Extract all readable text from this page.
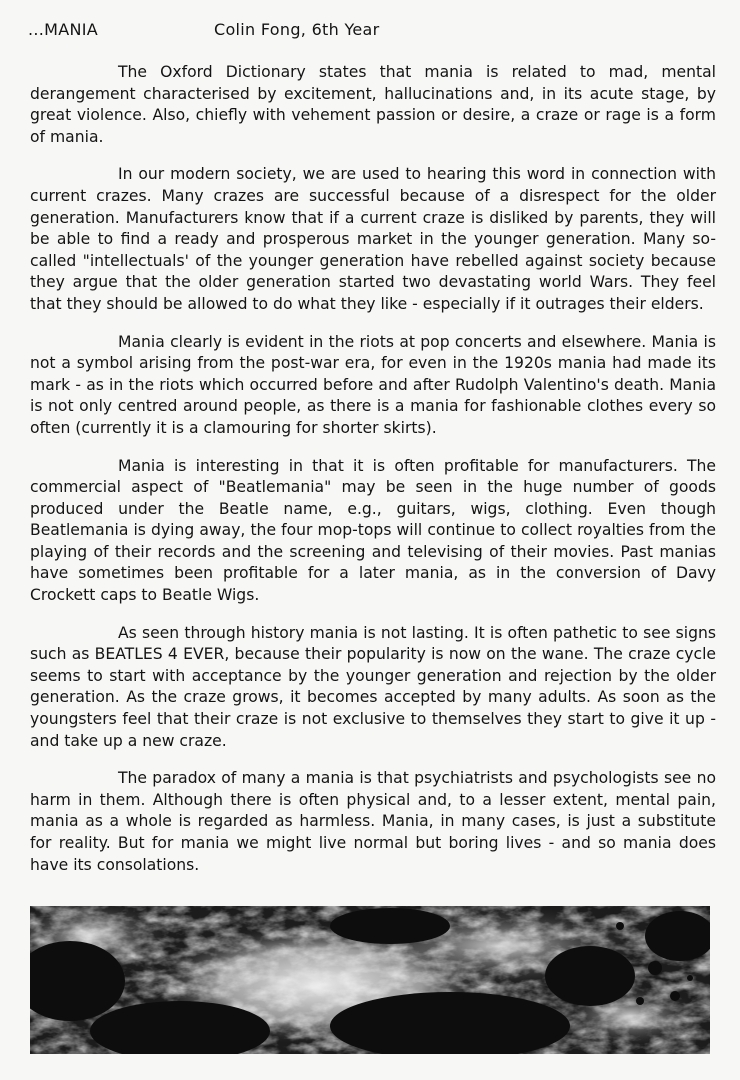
...MANIA	Colin Fong, 6th Year

The Oxford Dictionary states that mania is related to mad, mental derangement characterised by excitement, hallucinations and, in its acute stage, by great violence. Also, chiefly with vehement passion or desire, a craze or rage is a form of mania.

In our modern society, we are used to hearing this word in connection with current crazes. Many crazes are successful because of a disrespect for the older generation. Manufacturers know that if a current craze is disliked by parents, they will be able to find a ready and prosperous market in the younger generation. Many so-called "intellectuals' of the younger generation have rebelled against society because they argue that the older generation started two devastating world Wars. They feel that they should be allowed to do what they like - especially if it outrages their elders.

Mania clearly is evident in the riots at pop concerts and elsewhere. Mania is not a symbol arising from the post-war era, for even in the 1920s mania had made its mark - as in the riots which occurred before and after Rudolph Valentino's death. Mania is not only centred around people, as there is a mania for fashionable clothes every so often (currently it is a clamouring for shorter skirts).

Mania is interesting in that it is often profitable for manufacturers. The commercial aspect of "Beatlemania" may be seen in the huge number of goods produced under the Beatle name, e.g., guitars, wigs, clothing. Even though Beatlemania is dying away, the four mop-tops will continue to collect royalties from the playing of their records and the screening and televising of their movies. Past manias have sometimes been profitable for a later mania, as in the conversion of Davy Crockett caps to Beatle Wigs.

As seen through history mania is not lasting. It is often pathetic to see signs such as BEATLES 4 EVER, because their popularity is now on the wane. The craze cycle seems to start with acceptance by the younger generation and rejection by the older generation. As the craze grows, it becomes accepted by many adults. As soon as the youngsters feel that their craze is not exclusive to themselves they start to give it up - and take up a new craze.

The paradox of many a mania is that psychiatrists and psychologists see no harm in them. Although there is often physical and, to a lesser extent, mental pain, mania as a whole is regarded as harmless. Mania, in many cases, is just a substitute for reality. But for mania we might live normal but boring lives - and so mania does have its consolations.
